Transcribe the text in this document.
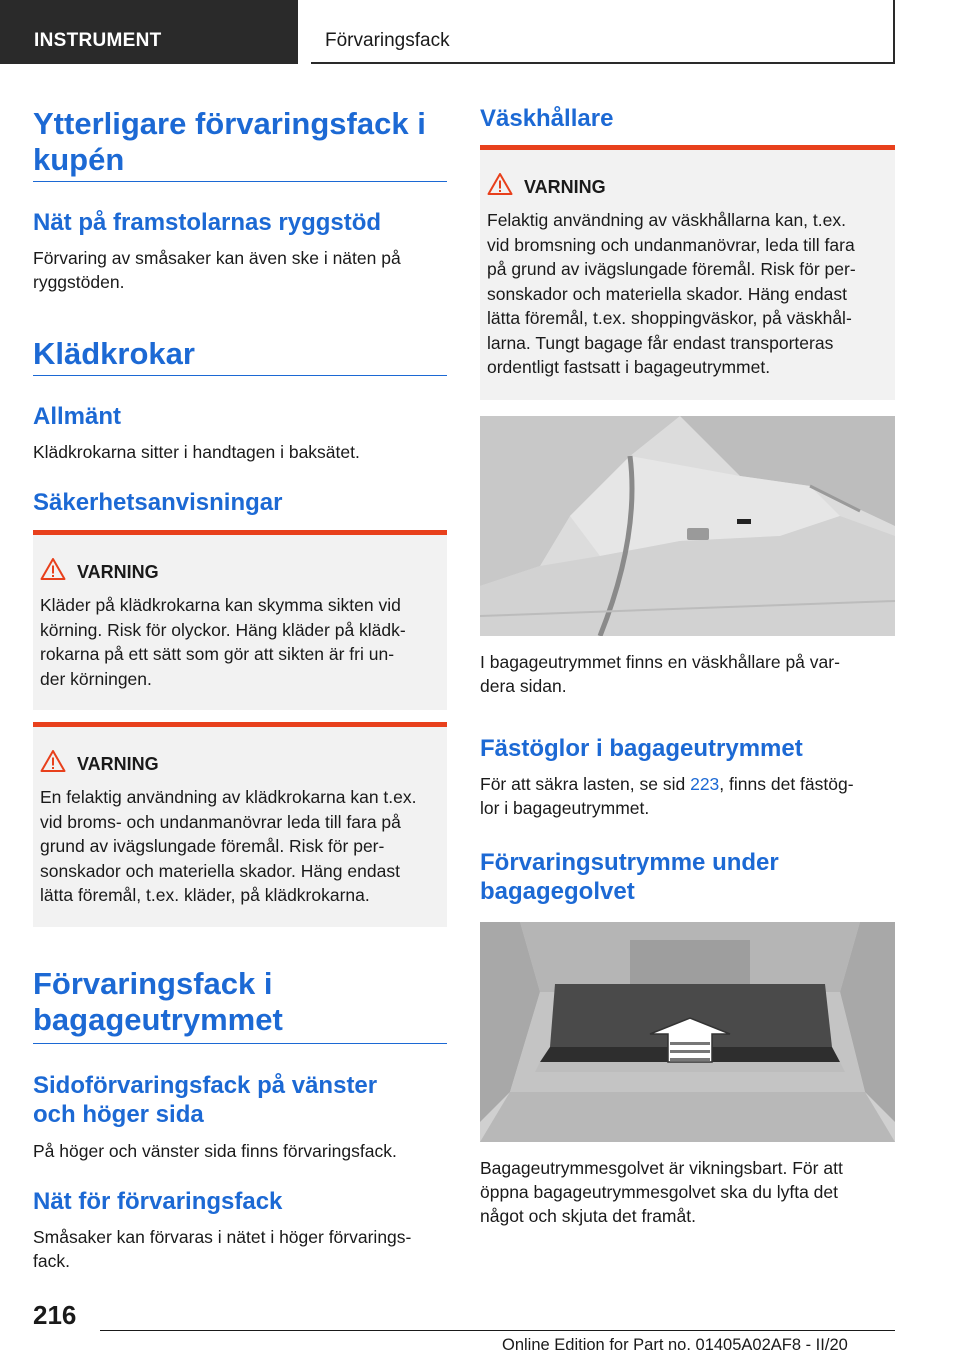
INSTRUMENT	Förvaringsfack
Ytterligare förvaringsfack i
kupén
Nät på framstolarnas ryggstöd
Förvaring av småsaker kan även ske i näten på
ryggstöden.
Klädkrokar
Allmänt
Klädkrokarna sitter i handtagen i baksätet.
Säkerhetsanvisningar
VARNING
Kläder på klädkrokarna kan skymma sikten vid
körning. Risk för olyckor. Häng kläder på klädk-
rokarna på ett sätt som gör att sikten är fri un-
der körningen.
VARNING
En felaktig användning av klädkrokarna kan t.ex.
vid broms- och undanmanövrar leda till fara på
grund av ivägslungade föremål. Risk för per-
sonskador och materiella skador. Häng endast
lätta föremål, t.ex. kläder, på klädkrokarna.
Förvaringsfack i
bagageutrymmet
Sidoförvaringsfack på vänster
och höger sida
På höger och vänster sida finns förvaringsfack.
Nät för förvaringsfack
Småsaker kan förvaras i nätet i höger förvarings-
fack.
Väskhållare
VARNING
Felaktig användning av väskhållarna kan, t.ex.
vid bromsning och undanmanövrar, leda till fara
på grund av ivägslungade föremål. Risk för per-
sonskador och materiella skador. Häng endast
lätta föremål, t.ex. shoppingväskor, på väskhål-
larna. Tungt bagage får endast transporteras
ordentligt fastsatt i bagageutrymmet.
I bagageutrymmet finns en väskhållare på var-
dera sidan.
Fästöglor i bagageutrymmet
För att säkra lasten, se sid 223, finns det fästög-
lor i bagageutrymmet.
Förvaringsutrymme under
bagagegolvet
Bagageutrymmesgolvet är vikningsbart. För att
öppna bagageutrymmesgolvet ska du lyfta det
något och skjuta det framåt.
216
Online Edition for Part no. 01405A02AF8 - II/20
